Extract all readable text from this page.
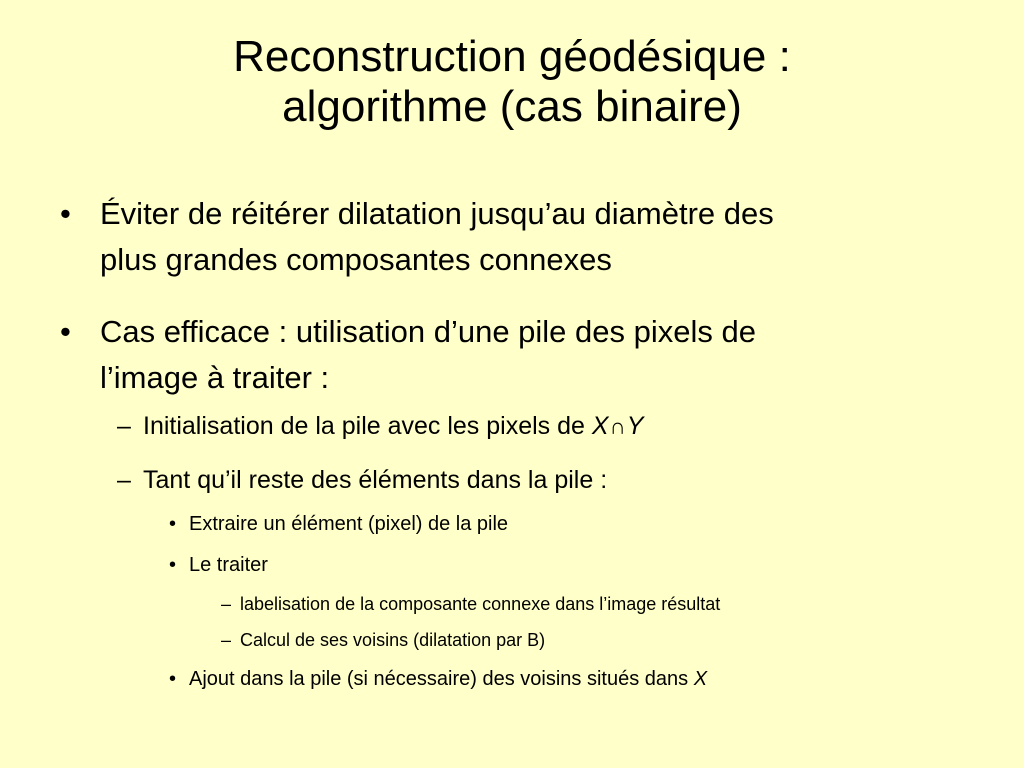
Reconstruction géodésique :
algorithme (cas binaire)
• Éviter de réitérer dilatation jusqu’au diamètre des
plus grandes composantes connexes
• Cas efficace : utilisation d’une pile des pixels de
l’image à traiter :
– Initialisation de la pile avec les pixels de X∩Y
– Tant qu’il reste des éléments dans la pile :
• Extraire un élément (pixel) de la pile
• Le traiter
– labelisation de la composante connexe dans l’image résultat
– Calcul de ses voisins (dilatation par B)
• Ajout dans la pile (si nécessaire) des voisins situés dans X
